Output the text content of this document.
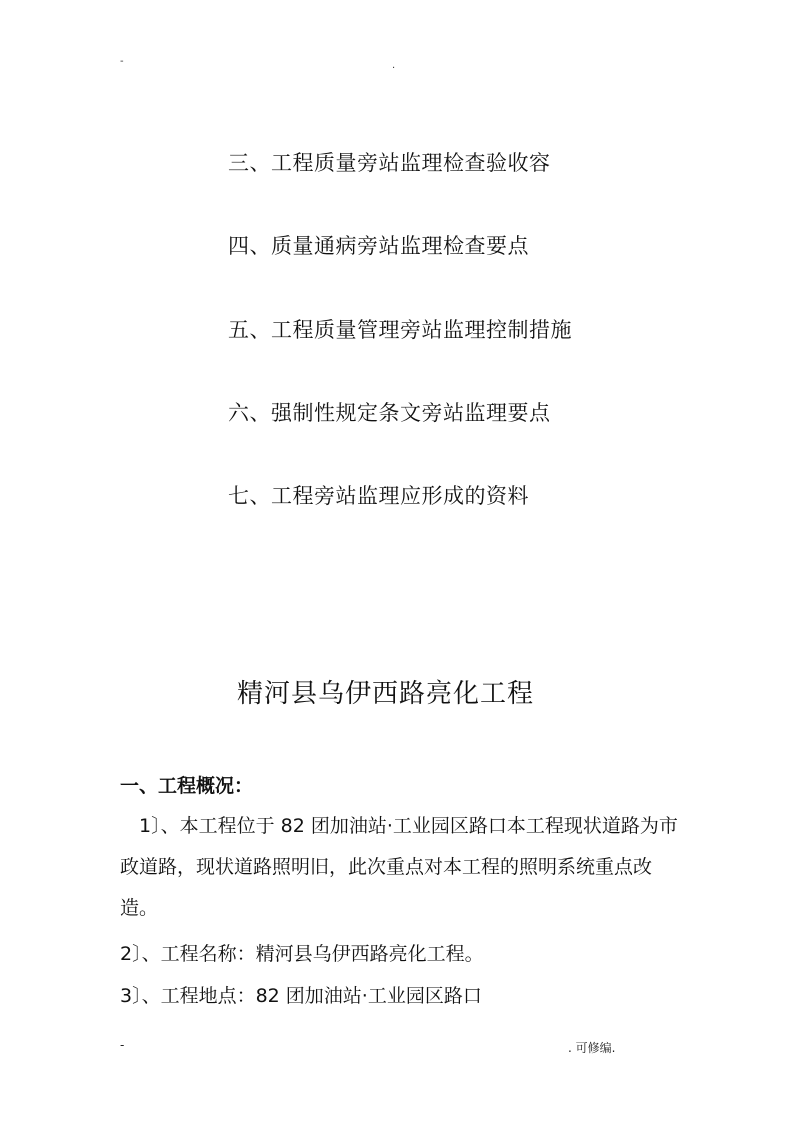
-	.
三、工程质量旁站监理检查验收容
四、质量通病旁站监理检查要点
五、工程质量管理旁站监理控制措施
六、强制性规定条文旁站监理要点
七、工程旁站监理应形成的资料
精河县乌伊西路亮化工程
一、工程概况：
　1〕、本工程位于 82 团加油站·工业园区路口本工程现状道路为市政道路，现状道路照明旧，此次重点对本工程的照明系统重点改造。
2〕、工程名称：精河县乌伊西路亮化工程。
3〕、工程地点：82 团加油站·工业园区路口
-	. 可修编.
